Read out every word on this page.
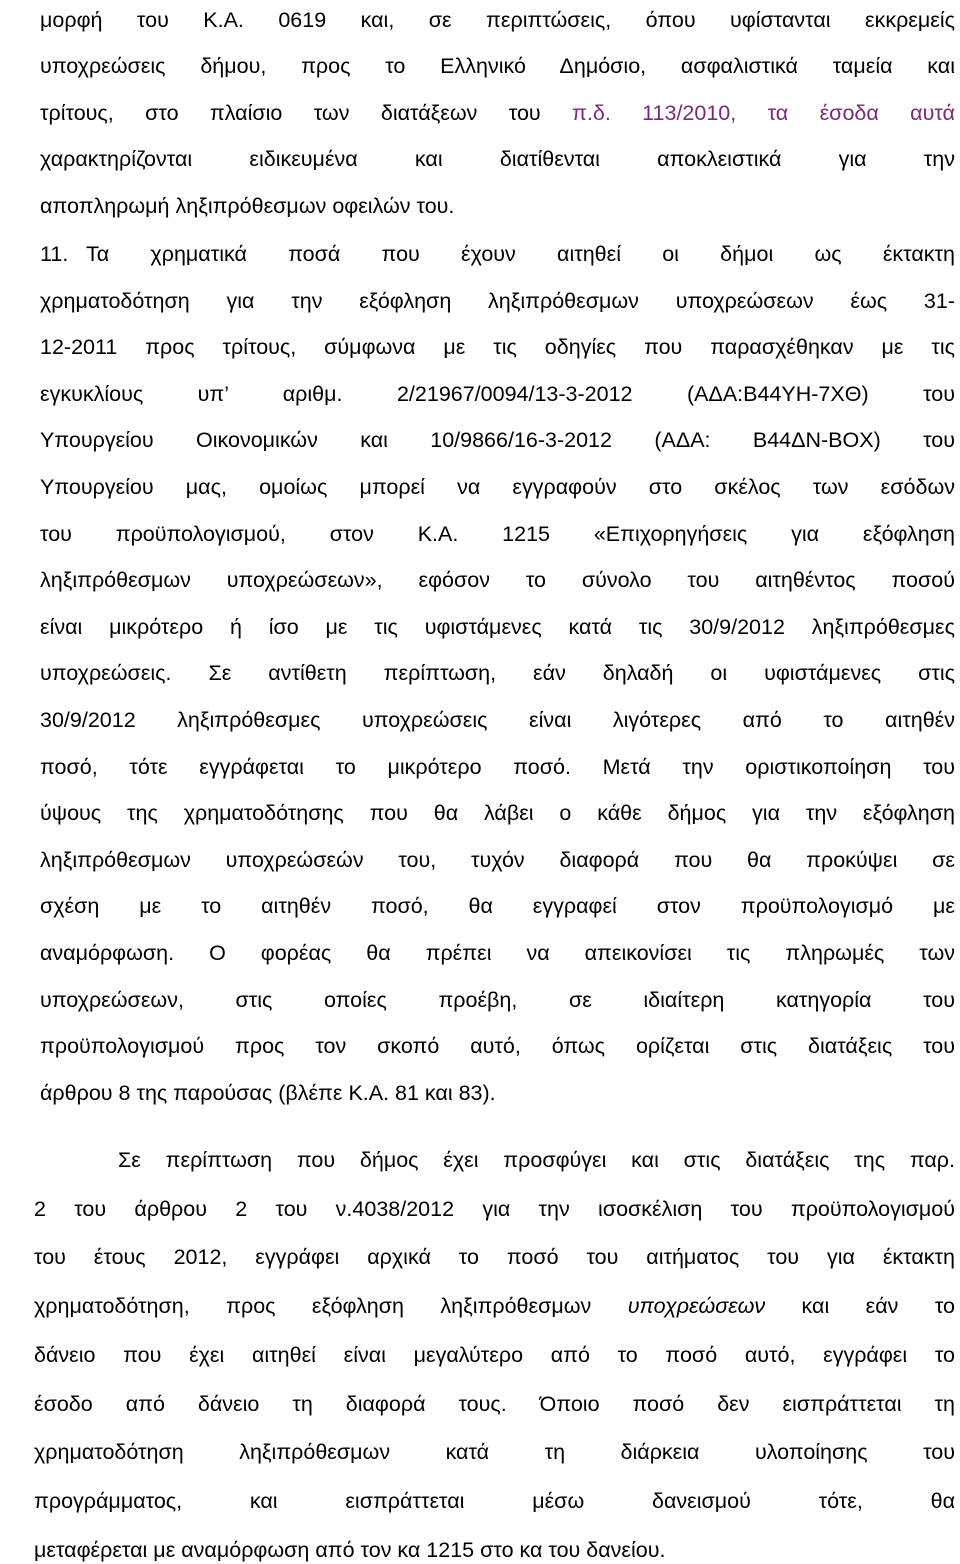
μορφή του Κ.Α. 0619 και, σε περιπτώσεις, όπου υφίστανται εκκρεμείς
υποχρεώσεις δήμου, προς το Ελληνικό Δημόσιο, ασφαλιστικά ταμεία και
τρίτους, στο πλαίσιο των διατάξεων του π.δ. 113/2010, τα έσοδα αυτά
χαρακτηρίζονται ειδικευμένα και διατίθενται αποκλειστικά για την
αποπληρωμή ληξιπρόθεσμων οφειλών του.
11. Τα χρηματικά ποσά που έχουν αιτηθεί οι δήμοι ως έκτακτη
χρηματοδότηση για την εξόφληση ληξιπρόθεσμων υποχρεώσεων έως 31-
12-2011 προς τρίτους, σύμφωνα με τις οδηγίες που παρασχέθηκαν με τις
εγκυκλίους υπ’ αριθμ. 2/21967/0094/13-3-2012 (ΑΔΑ:Β44ΥΗ-7ΧΘ) του
Υπουργείου Οικονομικών και 10/9866/16-3-2012 (ΑΔΑ: Β44ΔΝ-ΒΟΧ) του
Υπουργείου μας, ομοίως μπορεί να εγγραφούν στο σκέλος των εσόδων
του προϋπολογισμού, στον Κ.Α. 1215 «Επιχορηγήσεις για εξόφληση
ληξιπρόθεσμων υποχρεώσεων», εφόσον το σύνολο του αιτηθέντος ποσού
είναι μικρότερο ή ίσο με τις υφιστάμενες κατά τις 30/9/2012 ληξιπρόθεσμες
υποχρεώσεις. Σε αντίθετη περίπτωση, εάν δηλαδή οι υφιστάμενες στις
30/9/2012 ληξιπρόθεσμες υποχρεώσεις είναι λιγότερες από το αιτηθέν
ποσό, τότε εγγράφεται το μικρότερο ποσό. Μετά την οριστικοποίηση του
ύψους της χρηματοδότησης που θα λάβει ο κάθε δήμος για την εξόφληση
ληξιπρόθεσμων υποχρεώσεών του, τυχόν διαφορά που θα προκύψει σε
σχέση με το αιτηθέν ποσό, θα εγγραφεί στον προϋπολογισμό με
αναμόρφωση. Ο φορέας θα πρέπει να απεικονίσει τις πληρωμές των
υποχρεώσεων, στις οποίες προέβη, σε ιδιαίτερη κατηγορία του
προϋπολογισμού προς τον σκοπό αυτό, όπως ορίζεται στις διατάξεις του
άρθρου 8 της παρούσας (βλέπε Κ.Α. 81 και 83).
Σε περίπτωση που δήμος έχει προσφύγει και στις διατάξεις της παρ.
2 του άρθρου 2 του ν.4038/2012 για την ισοσκέλιση του προϋπολογισμού
του έτους 2012, εγγράφει αρχικά το ποσό του αιτήματος του για έκτακτη
χρηματοδότηση, προς εξόφληση ληξιπρόθεσμων υποχρεώσεων και εάν το
δάνειο που έχει αιτηθεί είναι μεγαλύτερο από το ποσό αυτό, εγγράφει το
έσοδο από δάνειο τη διαφορά τους. Όποιο ποσό δεν εισπράττεται τη
χρηματοδότηση ληξιπρόθεσμων κατά τη διάρκεια υλοποίησης του
προγράμματος, και εισπράττεται μέσω δανεισμού τότε, θα
μεταφέρεται με αναμόρφωση από τον κα 1215 στο κα του δανείου.
